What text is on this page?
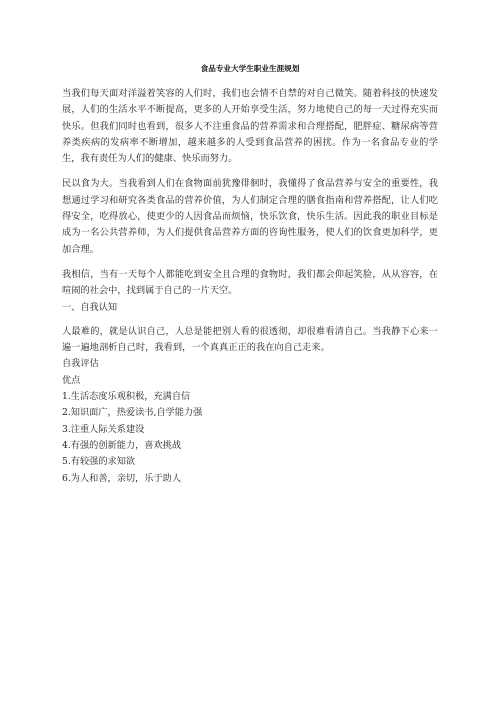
食品专业大学生职业生涯规划

当我们每天面对洋溢着笑容的人们时，我们也会情不自禁的对自己微笑。随着科技的快速发展，人们的生活水平不断提高，更多的人开始享受生活，努力地使自己的每一天过得充实而快乐。但我们同时也看到，很多人不注重食品的营养需求和合理搭配，肥胖症、糖尿病等营养类疾病的发病率不断增加，越来越多的人受到食品营养的困扰。作为一名食品专业的学生，我有责任为人们的健康、快乐而努力。

民以食为大。当我看到人们在食物面前犹豫徘徊时，我懂得了食品营养与安全的重要性，我想通过学习和研究各类食品的营养价值，为人们制定合理的膳食指南和营养搭配，让人们吃得安全，吃得放心，使更少的人因食品而烦恼，快乐饮食，快乐生活。因此我的职业目标是成为一名公共营养师，为人们提供食品营养方面的咨询性服务，使人们的饮食更加科学，更加合理。

我相信，当有一天每个人都能吃到安全且合理的食物时，我们都会仰起笑脸，从从容容，在喧闹的社会中，找到属于自己的一片天空。

一、自我认知

人最难的，就是认识自己，人总是能把别人看的很透彻，却很难看清自己。当我静下心来一遍一遍地剖析自己时，我看到，一个真真正正的我在向自己走来。

自我评估

优点

1.生活态度乐观积极，充满自信

2.知识面广，热爱读书,自学能力强

3.注重人际关系建设

4.有强的创新能力，喜欢挑战

5.有较强的求知欲

6.为人和善，亲切，乐于助人
